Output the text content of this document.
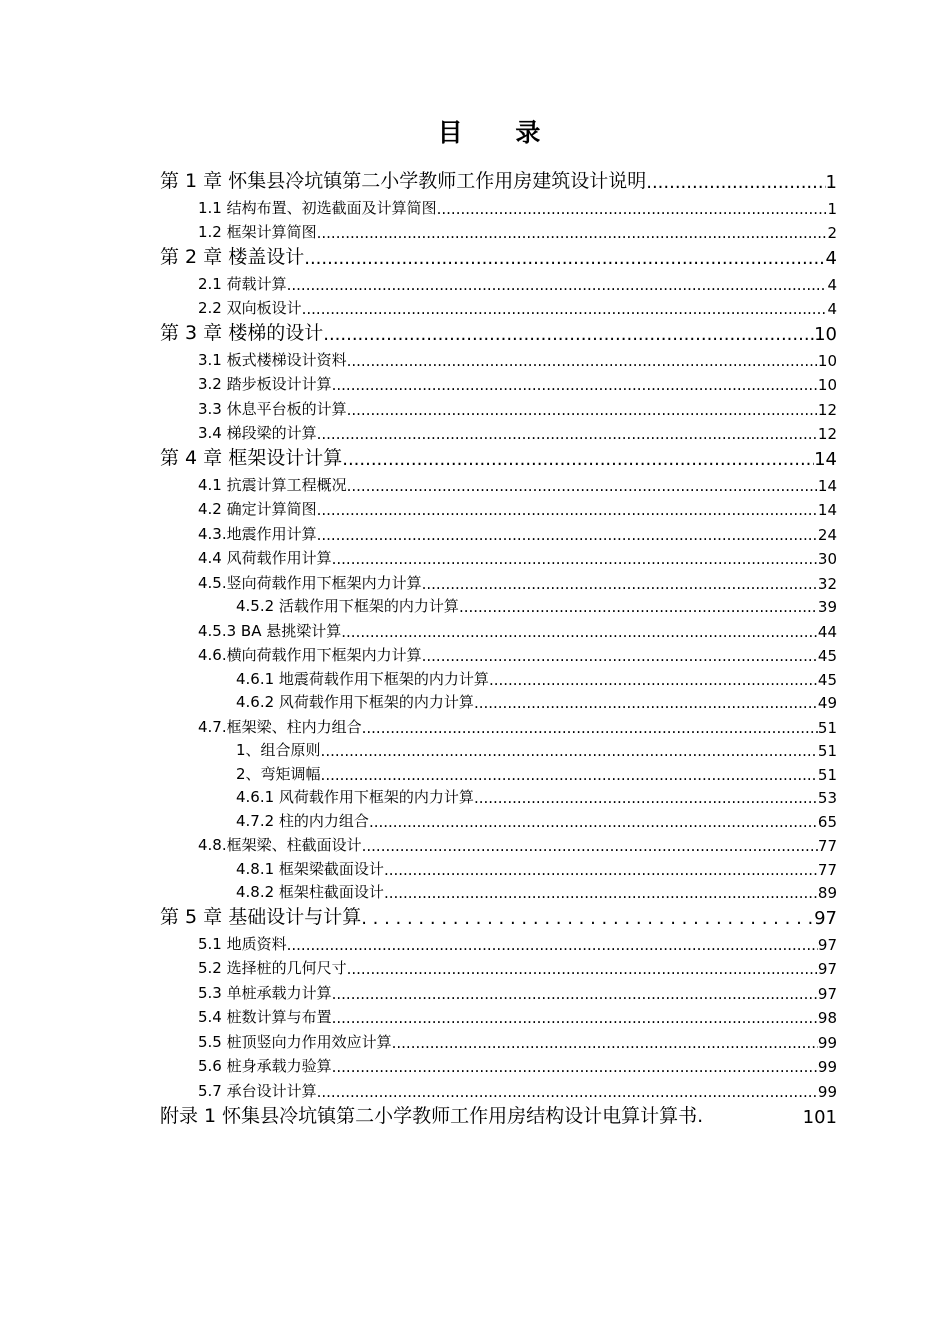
目 录
第 1 章 怀集县冷坑镇第二小学教师工作用房建筑设计说明 .....	1
1.1 结构布置、初选截面及计算简图 .....	1
1.2 框架计算简图 .....	2
第 2 章 楼盖设计 .....	4
2.1 荷载计算 .....	4
2.2 双向板设计 .....	4
第 3 章 楼梯的设计 .....	10
3.1 板式楼梯设计资料 .....	10
3.2 踏步板设计计算 .....	10
3.3 休息平台板的计算 .....	12
3.4 梯段梁的计算 .....	12
第 4 章 框架设计计算 .....	14
4.1 抗震计算工程概况 .....	14
4.2 确定计算简图 .....	14
4.3.地震作用计算 .....	24
4.4 风荷载作用计算 .....	30
4.5.竖向荷载作用下框架内力计算 .....	32
4.5.2 活载作用下框架的内力计算 .....	39
4.5.3 BA 悬挑梁计算 .....	44
4.6.横向荷载作用下框架内力计算 .....	45
4.6.1 地震荷载作用下框架的内力计算 .....	45
4.6.2 风荷载作用下框架的内力计算 .....	49
4.7.框架梁、柱内力组合 .....	51
1、组合原则 .....	51
2、弯矩调幅 .....	51
4.6.1 风荷载作用下框架的内力计算 .....	53
4.7.2 柱的内力组合 .....	65
4.8.框架梁、柱截面设计 .....	77
4.8.1 框架梁截面设计 .....	77
4.8.2 框架柱截面设计 .....	89
第 5 章 基础设计与计算 . . .	97
5.1 地质资料 .....	97
5.2 选择桩的几何尺寸 .....	97
5.3 单桩承载力计算 .....	97
5.4 桩数计算与布置 .....	98
5.5 桩顶竖向力作用效应计算 .....	99
5.6 桩身承载力验算 .....	99
5.7 承台设计计算 .....	99
附录 1 怀集县冷坑镇第二小学教师工作用房结构设计电算计算书.	101
